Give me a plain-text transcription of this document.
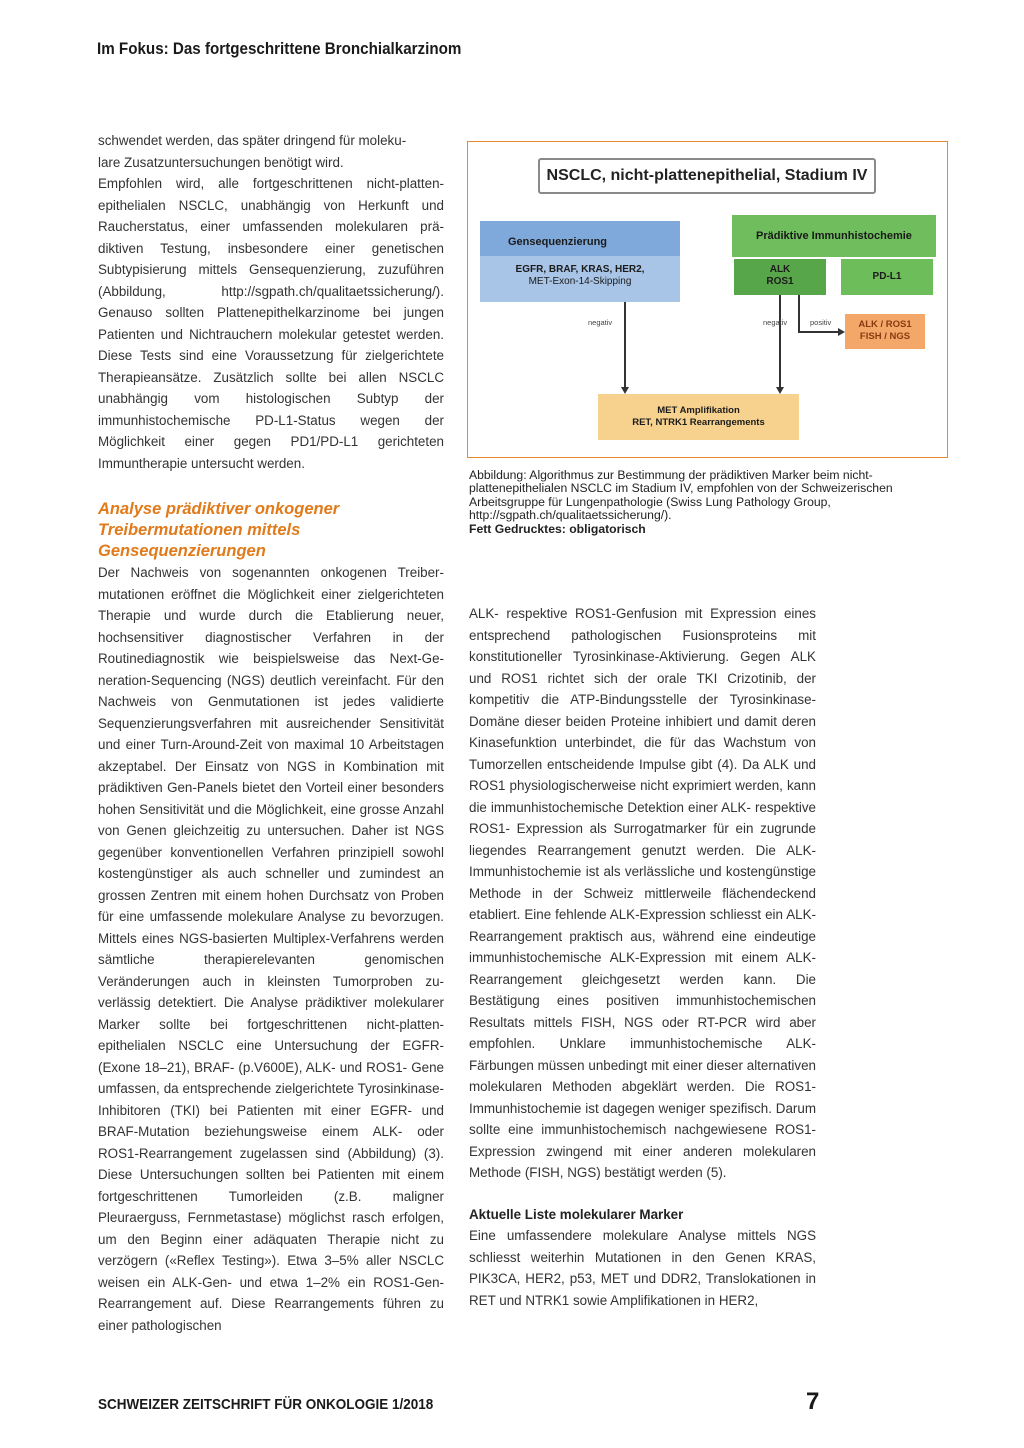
Im Fokus: Das fortgeschrittene Bronchialkarzinom

schwendet werden, das später dringend für moleku-

lare Zusatzuntersuchungen benötigt wird.

Empfohlen wird, alle fortgeschrittenen nicht-plattenepithelialen NSCLC, unabhängig von Herkunft und Raucherstatus, einer umfassenden molekularen prädiktiven Testung, insbesondere einer genetischen Subtypisierung mittels Gensequenzierung, zuzuführen (Abbildung, http://sgpath.ch/qualitaetssicherung/). Genauso sollten Plattenepithelkarzinome bei jungen Patienten und Nichtrauchern molekular getestet werden. Diese Tests sind eine Voraussetzung für zielgerichtete Therapieansätze. Zusätzlich sollte bei allen NSCLC unabhängig vom histologischen Subtyp der immunhistochemische PD-L1-Status wegen der Möglichkeit einer gegen PD1/PD-L1 gerichteten Immuntherapie untersucht werden.

Analyse prädiktiver onkogener
Treibermutationen mittels
Gensequenzierungen

Der Nachweis von sogenannten onkogenen Treibermutationen eröffnet die Möglichkeit einer zielgerichteten Therapie und wurde durch die Etablierung neuer, hochsensitiver diagnostischer Verfahren in der Routinediagnostik wie beispielsweise das Next-Generation-Sequencing (NGS) deutlich vereinfacht. Für den Nachweis von Genmutationen ist jedes validierte Sequenzierungsverfahren mit ausreichender Sensitivität und einer Turn-Around-Zeit von maximal 10 Arbeitstagen akzeptabel. Der Einsatz von NGS in Kombination mit prädiktiven Gen-Panels bietet den Vorteil einer besonders hohen Sensitivität und die Möglichkeit, eine grosse Anzahl von Genen gleichzeitig zu untersuchen. Daher ist NGS gegenüber konventionellen Verfahren prinzipiell sowohl kostengünstiger als auch schneller und zumindest an grossen Zentren mit einem hohen Durchsatz von Proben für eine umfassende molekulare Analyse zu bevorzugen. Mittels eines NGS-basierten Multiplex-Verfahrens werden sämtliche therapierelevanten genomischen Veränderungen auch in kleinsten Tumorproben zuverlässig detektiert. Die Analyse prädiktiver molekularer Marker sollte bei fortgeschrittenen nicht-plattenepithelialen NSCLC eine Untersuchung der EGFR- (Exone 18–21), BRAF- (p.V600E), ALK- und ROS1- Gene umfassen, da entsprechende zielgerichtete Tyrosinkinase-Inhibitoren (TKI) bei Patienten mit einer EGFR- und BRAF-Mutation beziehungsweise einem ALK- oder ROS1-Rearrangement zugelassen sind (Abbildung) (3). Diese Untersuchungen sollten bei Patienten mit einem fortgeschrittenen Tumorleiden (z.B. maligner Pleuraerguss, Fernmetastase) möglichst rasch erfolgen, um den Beginn einer adäquaten Therapie nicht zu verzögern («Reflex Testing»). Etwa 3–5% aller NSCLC weisen ein ALK-Gen- und etwa 1–2% ein ROS1-Gen-Rearrangement auf. Diese Rearrangements führen zu einer pathologischen

NSCLC, nicht-plattenepithelial, Stadium IV
Gensequenzierung
EGFR, BRAF, KRAS, HER2,
MET-Exon-14-Skipping
Prädiktive Immunhistochemie
ALK
ROS1	PD-L1
ALK / ROS1
FISH / NGS
MET Amplifikation
RET, NTRK1 Rearrangements
negativ	negativ	positiv

Abbildung: Algorithmus zur Bestimmung der prädiktiven Marker beim nichtplattenepithelialen NSCLC im Stadium IV, empfohlen von der Schweizerischen Arbeitsgruppe für Lungenpathologie (Swiss Lung Pathology Group, http://sgpath.ch/qualitaetssicherung/).

Fett Gedrucktes: obligatorisch

ALK- respektive ROS1-Genfusion mit Expression eines entsprechend pathologischen Fusionsproteins mit konstitutioneller Tyrosinkinase-Aktivierung. Gegen ALK und ROS1 richtet sich der orale TKI Crizotinib, der kompetitiv die ATP-Bindungsstelle der Tyrosinkinase-Domäne dieser beiden Proteine inhibiert und damit deren Kinasefunktion unterbindet, die für das Wachstum von Tumorzellen entscheidende Impulse gibt (4). Da ALK und ROS1 physiologischerweise nicht exprimiert werden, kann die immunhistochemische Detektion einer ALK- respektive ROS1- Expression als Surrogatmarker für ein zugrunde liegendes Rearrangement genutzt werden. Die ALK- Immunhistochemie ist als verlässliche und kostengünstige Methode in der Schweiz mittlerweile flächendeckend etabliert. Eine fehlende ALK-Expression schliesst ein ALK-Rearrangement praktisch aus, während eine eindeutige immunhistochemische ALK-Expression mit einem ALK-Rearrangement gleichgesetzt werden kann. Die Bestätigung eines positiven immunhistochemischen Resultats mittels FISH, NGS oder RT-PCR wird aber empfohlen. Unklare immunhistochemische ALK-Färbungen müssen unbedingt mit einer dieser alternativen molekularen Methoden abgeklärt werden. Die ROS1-Immunhistochemie ist dagegen weniger spezifisch. Darum sollte eine immunhistochemisch nachgewiesene ROS1-Expression zwingend mit einer anderen molekularen Methode (FISH, NGS) bestätigt werden (5).

Aktuelle Liste molekularer Marker

Eine umfassendere molekulare Analyse mittels NGS schliesst weiterhin Mutationen in den Genen KRAS, PIK3CA, HER2, p53, MET und DDR2, Translokationen in RET und NTRK1 sowie Amplifikationen in HER2,

SCHWEIZER ZEITSCHRIFT FÜR ONKOLOGIE 1/2018	7
